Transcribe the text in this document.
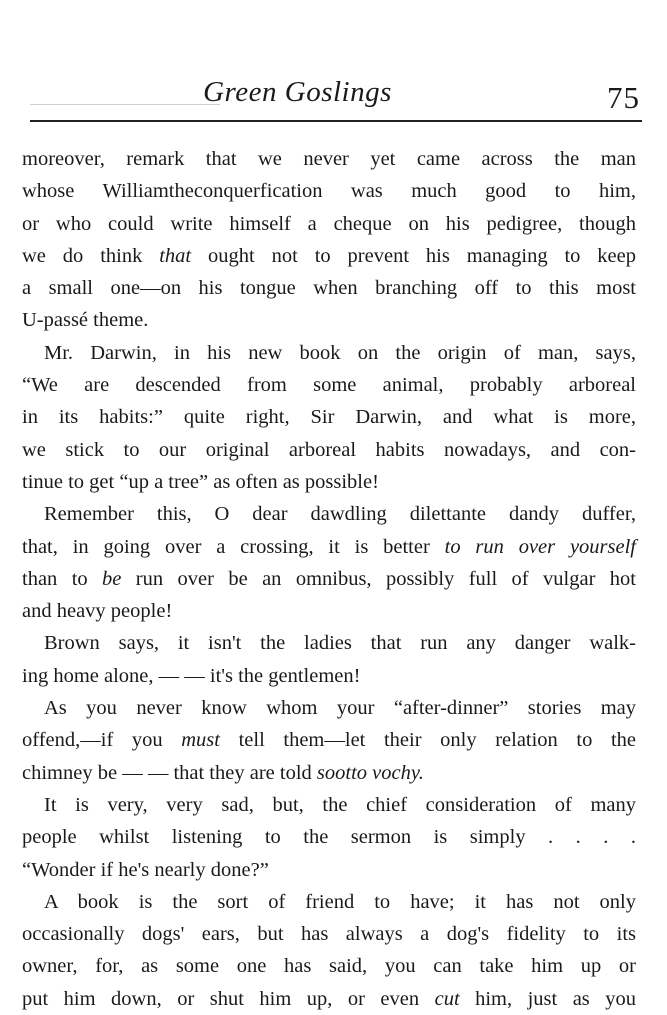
Green Goslings	75
moreover, remark that we never yet came across the man
whose Williamtheconquerfication was much good to him,
or who could write himself a cheque on his pedigree, though
we do think that ought not to prevent his managing to keep
a small one—on his tongue when branching off to this most
U-passé theme.
Mr. Darwin, in his new book on the origin of man, says,
“We are descended from some animal, probably arboreal
in its habits:” quite right, Sir Darwin, and what is more,
we stick to our original arboreal habits nowadays, and con-
tinue to get “up a tree” as often as possible!
Remember this, O dear dawdling dilettante dandy duffer,
that, in going over a crossing, it is better to run over yourself
than to be run over be an omnibus, possibly full of vulgar hot
and heavy people!
Brown says, it isn't the ladies that run any danger walk-
ing home alone, — — it's the gentlemen!
As you never know whom your “after-dinner” stories may
offend,—if you must tell them—let their only relation to the
chimney be — — that they are told sootto vochy.
It is very, very sad, but, the chief consideration of many
people whilst listening to the sermon is simply . . . .
“Wonder if he's nearly done?”
A book is the sort of friend to have; it has not only
occasionally dogs' ears, but has always a dog's fidelity to its
owner, for, as some one has said, you can take him up or
put him down, or shut him up, or even cut him, just as you
